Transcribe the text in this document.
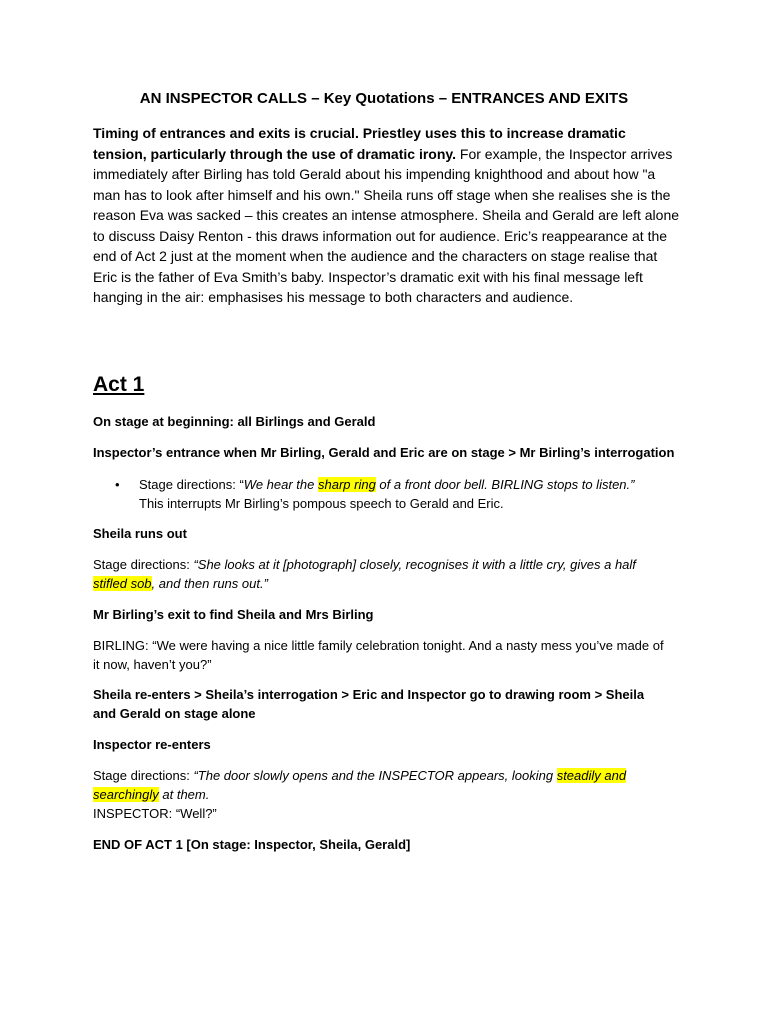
AN INSPECTOR CALLS – Key Quotations – ENTRANCES AND EXITS
Timing of entrances and exits is crucial. Priestley uses this to increase dramatic tension, particularly through the use of dramatic irony. For example, the Inspector arrives immediately after Birling has told Gerald about his impending knighthood and about how "a man has to look after himself and his own." Sheila runs off stage when she realises she is the reason Eva was sacked – this creates an intense atmosphere. Sheila and Gerald are left alone to discuss Daisy Renton - this draws information out for audience. Eric’s reappearance at the end of Act 2 just at the moment when the audience and the characters on stage realise that Eric is the father of Eva Smith’s baby. Inspector’s dramatic exit with his final message left hanging in the air: emphasises his message to both characters and audience.
Act 1
On stage at beginning: all Birlings and Gerald
Inspector’s entrance when Mr Birling, Gerald and Eric are on stage > Mr Birling’s interrogation
• Stage directions: “We hear the sharp ring of a front door bell. BIRLING stops to listen.”
This interrupts Mr Birling’s pompous speech to Gerald and Eric.
Sheila runs out
Stage directions: “She looks at it [photograph] closely, recognises it with a little cry, gives a half stifled sob, and then runs out.”
Mr Birling’s exit to find Sheila and Mrs Birling
BIRLING: “We were having a nice little family celebration tonight. And a nasty mess you’ve made of it now, haven’t you?”
Sheila re-enters > Sheila’s interrogation > Eric and Inspector go to drawing room > Sheila and Gerald on stage alone
Inspector re-enters
Stage directions: “The door slowly opens and the INSPECTOR appears, looking steadily and searchingly at them.
INSPECTOR: “Well?”
END OF ACT 1 [On stage: Inspector, Sheila, Gerald]
